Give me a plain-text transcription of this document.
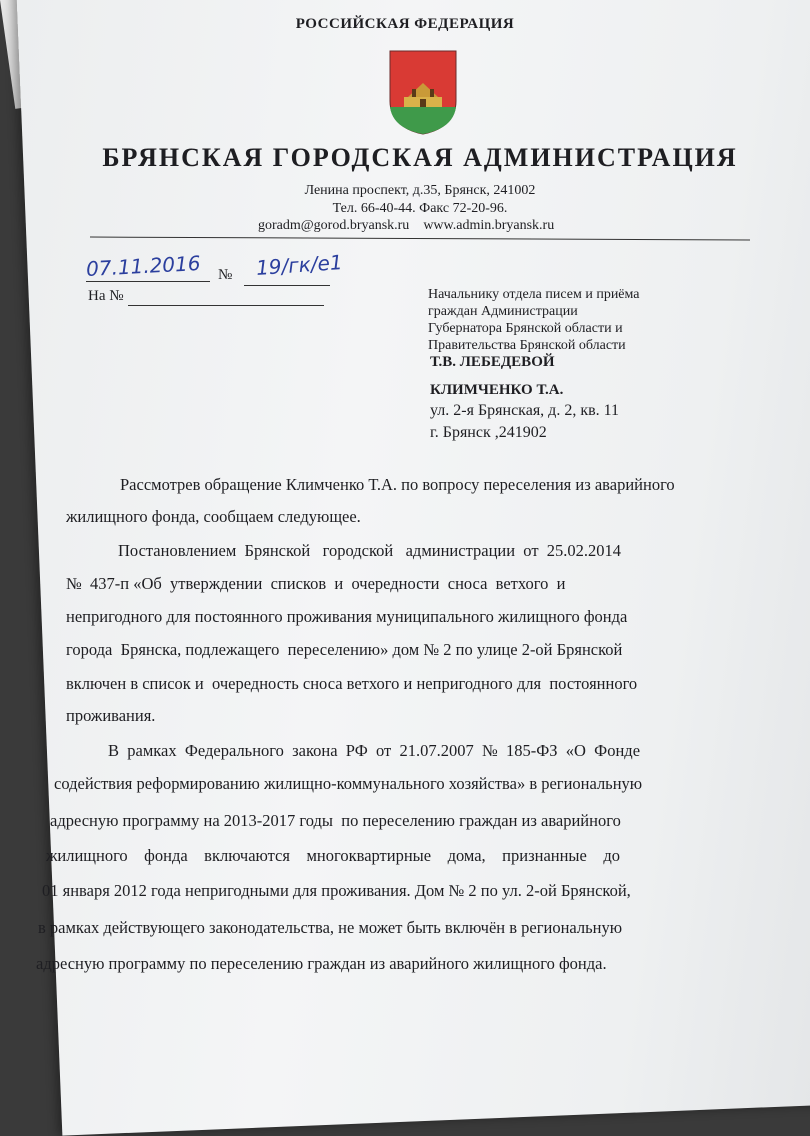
РОССИЙСКАЯ ФЕДЕРАЦИЯ
БРЯНСКАЯ ГОРОДСКАЯ АДМИНИСТРАЦИЯ
Ленина проспект, д.35, Брянск, 241002
Тел. 66-40-44. Факс 72-20-96.
goradm@gorod.bryansk.ru www.admin.bryansk.ru
07.11.2016 № 19/гк/е1
На №	Начальнику отдела писем и приёма
граждан Администрации
Губернатора Брянской области и
Правительства Брянской области
Т.В. ЛЕБЕДЕВОЙ
КЛИМЧЕНКО Т.А.
ул. 2-я Брянская, д. 2, кв. 11
г. Брянск ,241902
Рассмотрев обращение Климченко Т.А. по вопросу переселения из аварийного
жилищного фонда, сообщаем следующее.
Постановлением  Брянской   городской   администрации  от  25.02.2014
№  437-п «Об  утверждении  списков  и  очередности  сноса  ветхого  и
непригодного для постоянного проживания муниципального жилищного фонда
города  Брянска, подлежащего  переселению» дом № 2 по улице 2-ой Брянской
включен в список и  очередность сноса ветхого и непригодного для  постоянного
проживания.
В  рамках  Федерального  закона  РФ  от  21.07.2007  №  185-ФЗ  «О  Фонде
содействия реформированию жилищно-коммунального хозяйства» в региональную
адресную программу на 2013-2017 годы  по переселению граждан из аварийного
жилищного    фонда    включаются    многоквартирные    дома,    признанные    до
01 января 2012 года непригодными для проживания. Дом № 2 по ул. 2-ой Брянской,
в рамках действующего законодательства, не может быть включён в региональную
адресную программу по переселению граждан из аварийного жилищного фонда.
